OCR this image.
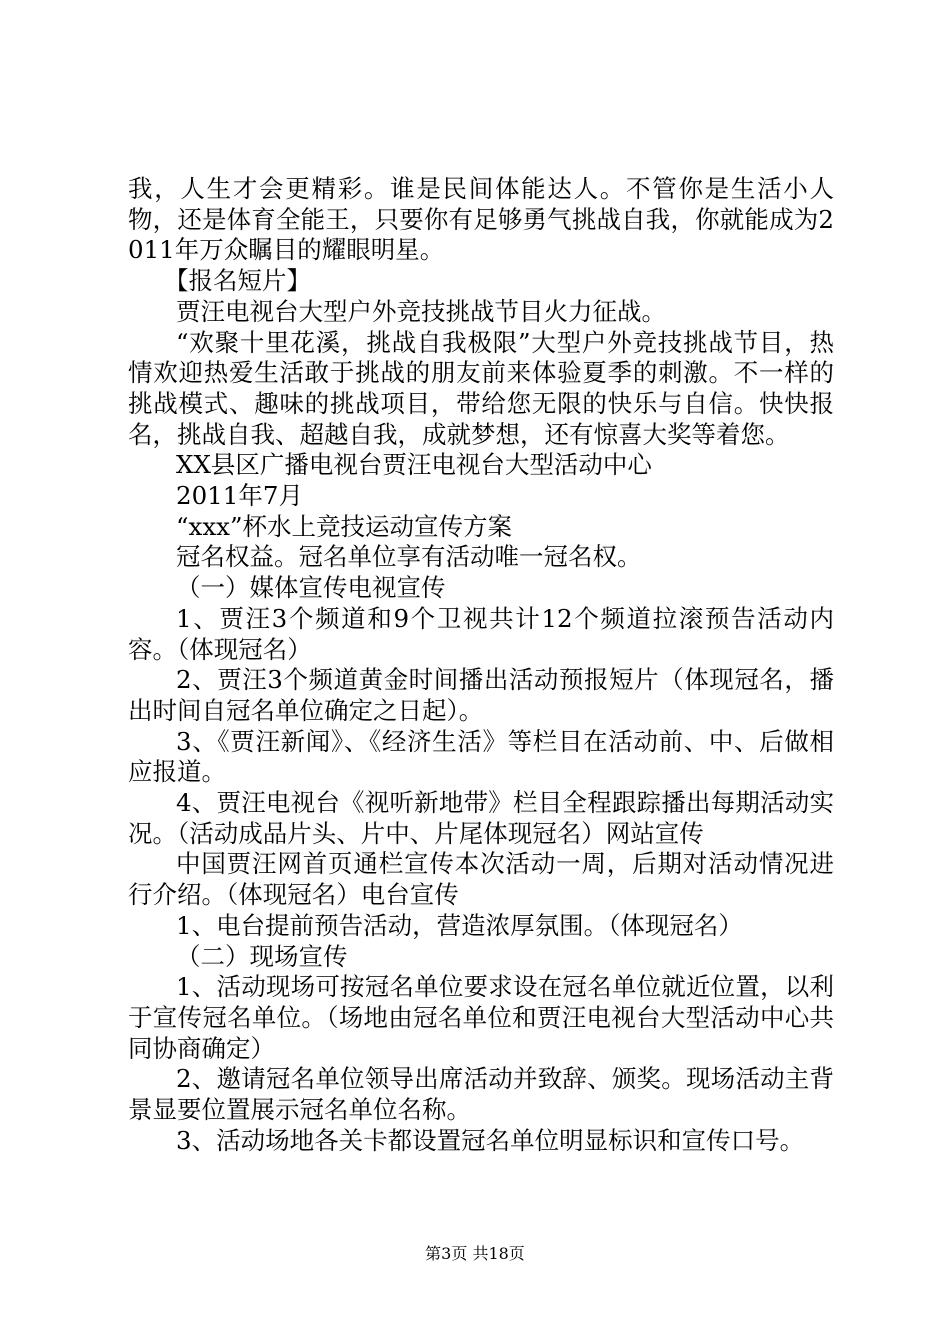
我，人生才会更精彩。谁是民间体能达人。不管你是生活小人物，还是体育全能王，只要你有足够勇气挑战自我，你就能成为2011年万众瞩目的耀眼明星。

【报名短片】

贾汪电视台大型户外竞技挑战节目火力征战。

“欢聚十里花溪，挑战自我极限”大型户外竞技挑战节目，热情欢迎热爱生活敢于挑战的朋友前来体验夏季的刺激。不一样的挑战模式、趣味的挑战项目，带给您无限的快乐与自信。快快报名，挑战自我、超越自我，成就梦想，还有惊喜大奖等着您。

XX县区广播电视台贾汪电视台大型活动中心

2011年7月

“xxx”杯水上竞技运动宣传方案

冠名权益。冠名单位享有活动唯一冠名权。

（一）媒体宣传电视宣传

1、贾汪3个频道和9个卫视共计12个频道拉滚预告活动内容。（体现冠名）

2、贾汪3个频道黄金时间播出活动预报短片（体现冠名，播出时间自冠名单位确定之日起）。

3、《贾汪新闻》、《经济生活》等栏目在活动前、中、后做相应报道。

4、贾汪电视台《视听新地带》栏目全程跟踪播出每期活动实况。（活动成品片头、片中、片尾体现冠名）网站宣传

中国贾汪网首页通栏宣传本次活动一周，后期对活动情况进行介绍。（体现冠名）电台宣传

1、电台提前预告活动，营造浓厚氛围。（体现冠名）

（二）现场宣传

1、活动现场可按冠名单位要求设在冠名单位就近位置，以利于宣传冠名单位。（场地由冠名单位和贾汪电视台大型活动中心共同协商确定）

2、邀请冠名单位领导出席活动并致辞、颁奖。现场活动主背景显要位置展示冠名单位名称。

3、活动场地各关卡都设置冠名单位明显标识和宣传口号。

第3页 共18页
